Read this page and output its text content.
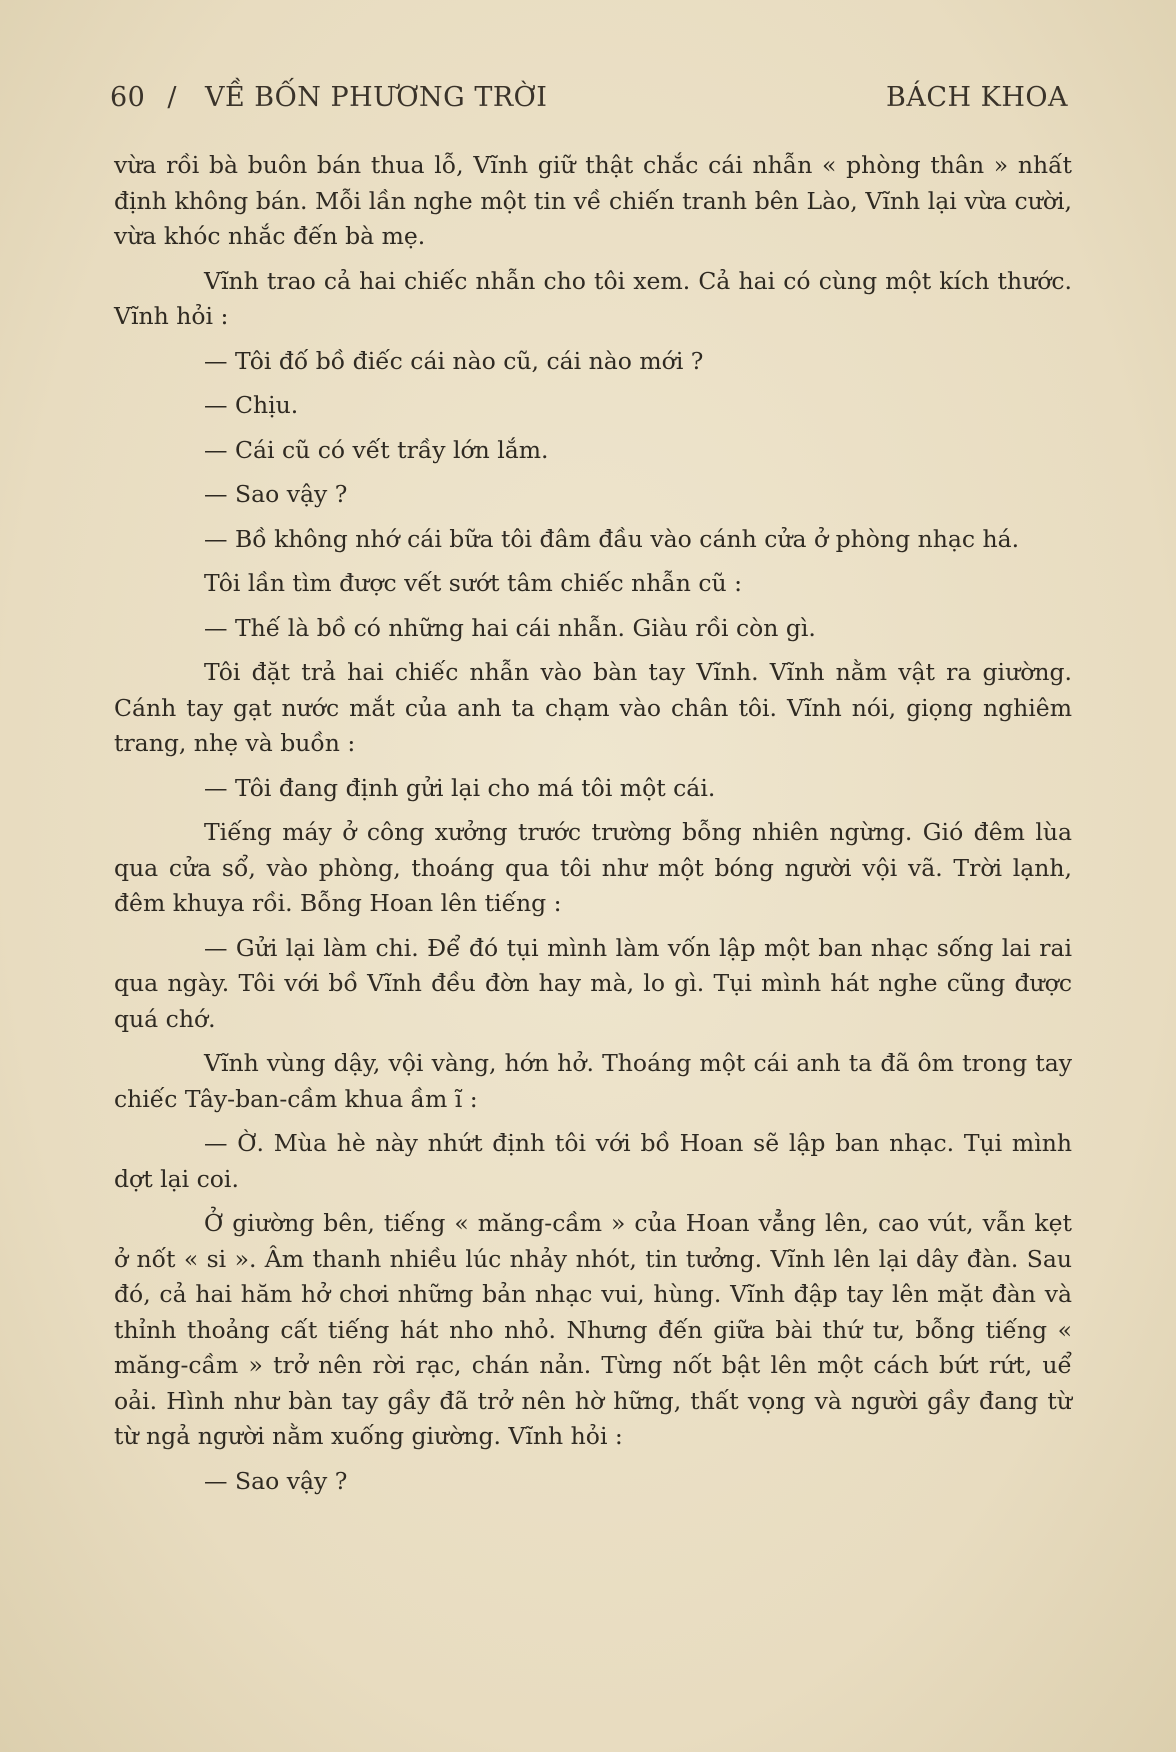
60 / VỀ BỐN PHƯƠNG TRỜI	BÁCH KHOA

vừa rồi bà buôn bán thua lỗ, Vĩnh giữ thật chắc cái nhẫn « phòng thân » nhất định không bán. Mỗi lần nghe một tin về chiến tranh bên Lào, Vĩnh lại vừa cười, vừa khóc nhắc đến bà mẹ.

Vĩnh trao cả hai chiếc nhẫn cho tôi xem. Cả hai có cùng một kích thước. Vĩnh hỏi :

— Tôi đố bồ điếc cái nào cũ, cái nào mới ?

— Chịu.

— Cái cũ có vết trầy lớn lắm.

— Sao vậy ?

— Bồ không nhớ cái bữa tôi đâm đầu vào cánh cửa ở phòng nhạc há.

Tôi lần tìm được vết sướt tâm chiếc nhẫn cũ :

— Thế là bồ có những hai cái nhẫn. Giàu rồi còn gì.

Tôi đặt trả hai chiếc nhẫn vào bàn tay Vĩnh. Vĩnh nằm vật ra giường. Cánh tay gạt nước mắt của anh ta chạm vào chân tôi. Vĩnh nói, giọng nghiêm trang, nhẹ và buồn :

— Tôi đang định gửi lại cho má tôi một cái.

Tiếng máy ở công xưởng trước trường bỗng nhiên ngừng. Gió đêm lùa qua cửa sổ, vào phòng, thoáng qua tôi như một bóng người vội vã. Trời lạnh, đêm khuya rồi. Bỗng Hoan lên tiếng :

— Gửi lại làm chi. Để đó tụi mình làm vốn lập một ban nhạc sống lai rai qua ngày. Tôi với bồ Vĩnh đều đờn hay mà, lo gì. Tụi mình hát nghe cũng được quá chớ.

Vĩnh vùng dậy, vội vàng, hớn hở. Thoáng một cái anh ta đã ôm trong tay chiếc Tây-ban-cầm khua ầm ĩ :

— Ờ. Mùa hè này nhứt định tôi với bồ Hoan sẽ lập ban nhạc. Tụi mình dợt lại coi.

Ở giường bên, tiếng « măng-cầm » của Hoan vẳng lên, cao vút, vẫn kẹt ở nốt « si ». Âm thanh nhiều lúc nhảy nhót, tin tưởng. Vĩnh lên lại dây đàn. Sau đó, cả hai hăm hở chơi những bản nhạc vui, hùng. Vĩnh đập tay lên mặt đàn và thỉnh thoảng cất tiếng hát nho nhỏ. Nhưng đến giữa bài thứ tư, bỗng tiếng « măng-cầm » trở nên rời rạc, chán nản. Từng nốt bật lên một cách bứt rứt, uể oải. Hình như bàn tay gầy đã trở nên hờ hững, thất vọng và người gầy đang từ từ ngả người nằm xuống giường. Vĩnh hỏi :

— Sao vậy ?
